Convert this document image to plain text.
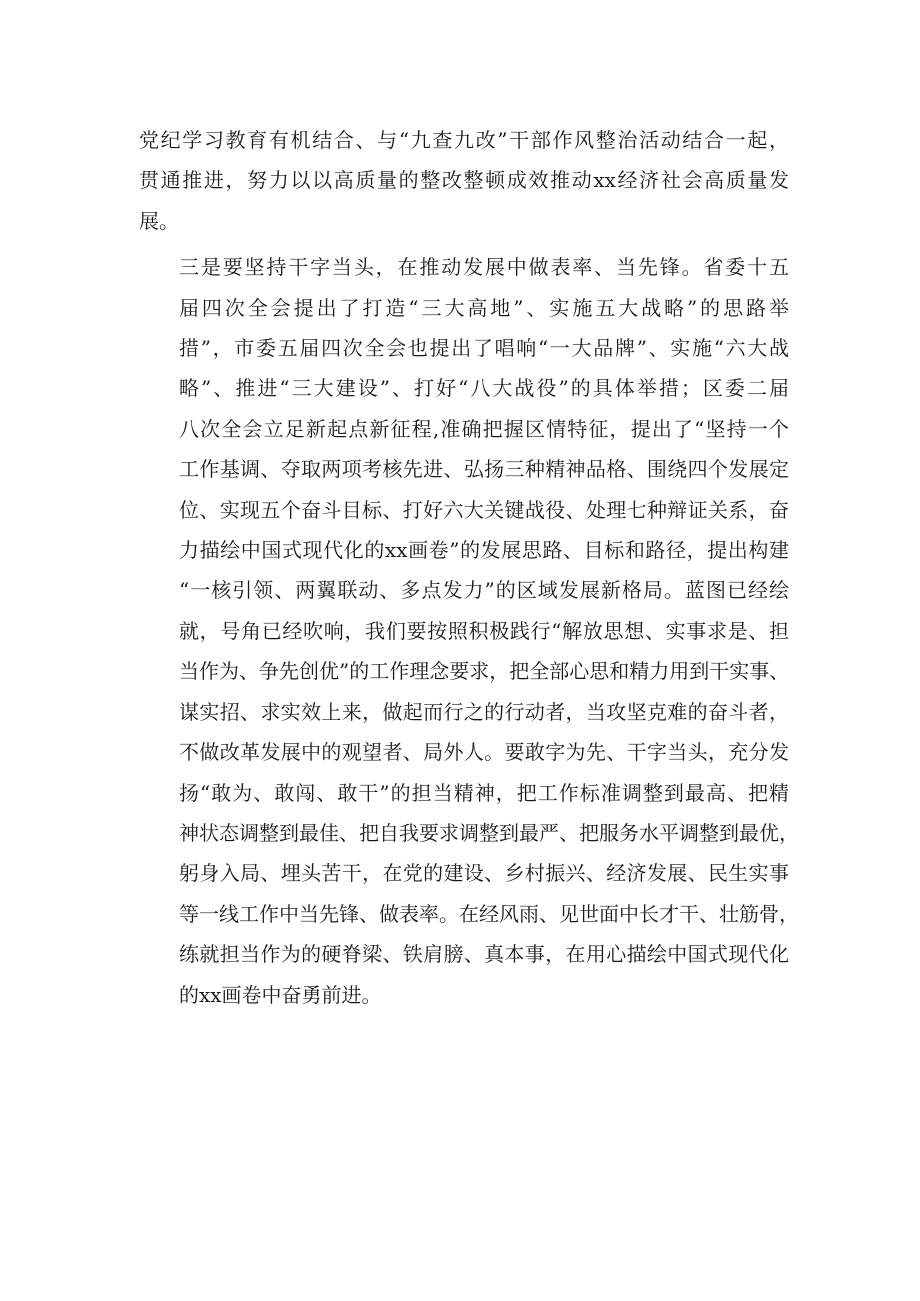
党纪学习教育有机结合、与“九查九改”干部作风整治活动结合一起，
贯通推进，努力以以高质量的整改整顿成效推动xx经济社会高质量发
展。

三是要坚持干字当头，在推动发展中做表率、当先锋。省委十五
届四次全会提出了打造“三大高地”、实施五大战略”的思路举
措”，市委五届四次全会也提出了唱响“一大品牌”、实施“六大战
略”、推进“三大建设”、打好“八大战役”的具体举措；区委二届
八次全会立足新起点新征程,准确把握区情特征，提出了“坚持一个
工作基调、夺取两项考核先进、弘扬三种精神品格、围绕四个发展定
位、实现五个奋斗目标、打好六大关键战役、处理七种辩证关系，奋
力描绘中国式现代化的xx画卷”的发展思路、目标和路径，提出构建
“一核引领、两翼联动、多点发力”的区域发展新格局。蓝图已经绘
就，号角已经吹响，我们要按照积极践行“解放思想、实事求是、担
当作为、争先创优”的工作理念要求，把全部心思和精力用到干实事、
谋实招、求实效上来，做起而行之的行动者，当攻坚克难的奋斗者，
不做改革发展中的观望者、局外人。要敢字为先、干字当头，充分发
扬“敢为、敢闯、敢干”的担当精神，把工作标准调整到最高、把精
神状态调整到最佳、把自我要求调整到最严、把服务水平调整到最优，
躬身入局、埋头苦干，在党的建设、乡村振兴、经济发展、民生实事
等一线工作中当先锋、做表率。在经风雨、见世面中长才干、壮筋骨，
练就担当作为的硬脊梁、铁肩膀、真本事，在用心描绘中国式现代化
的xx画卷中奋勇前进。
